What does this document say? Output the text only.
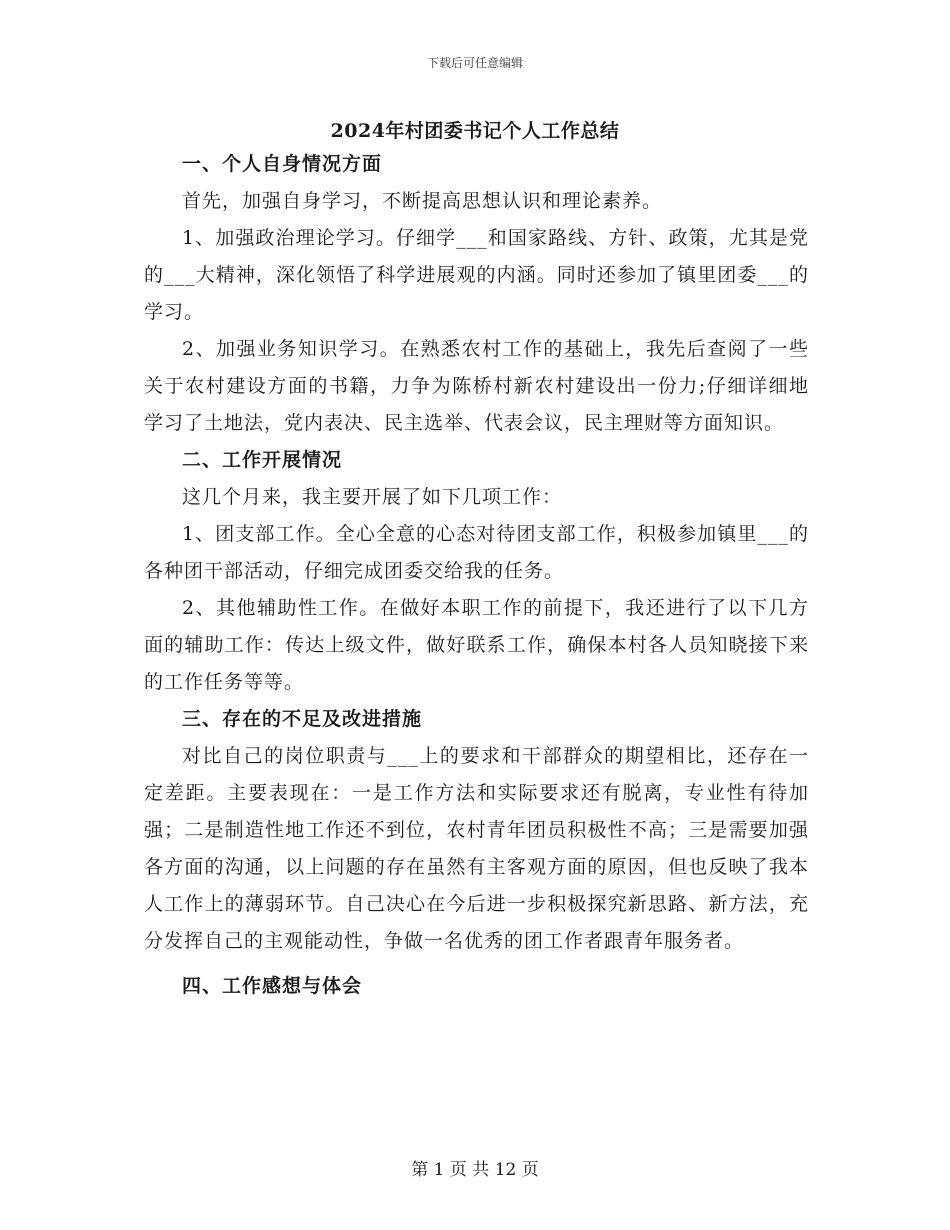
下载后可任意编辑
2024年村团委书记个人工作总结

一、个人自身情况方面

首先，加强自身学习，不断提高思想认识和理论素养。

1、加强政治理论学习。仔细学___和国家路线、方针、政策，尤其是党的___大精神，深化领悟了科学进展观的内涵。同时还参加了镇里团委___的学习。

2、加强业务知识学习。在熟悉农村工作的基础上，我先后查阅了一些关于农村建设方面的书籍，力争为陈桥村新农村建设出一份力;仔细详细地学习了土地法，党内表决、民主选举、代表会议，民主理财等方面知识。

二、工作开展情况

这几个月来，我主要开展了如下几项工作：

1、团支部工作。全心全意的心态对待团支部工作，积极参加镇里___的各种团干部活动，仔细完成团委交给我的任务。

2、其他辅助性工作。在做好本职工作的前提下，我还进行了以下几方面的辅助工作：传达上级文件，做好联系工作，确保本村各人员知晓接下来的工作任务等等。

三、存在的不足及改进措施

对比自己的岗位职责与___上的要求和干部群众的期望相比，还存在一定差距。主要表现在：一是工作方法和实际要求还有脱离，专业性有待加强；二是制造性地工作还不到位，农村青年团员积极性不高；三是需要加强各方面的沟通，以上问题的存在虽然有主客观方面的原因，但也反映了我本人工作上的薄弱环节。自己决心在今后进一步积极探究新思路、新方法，充分发挥自己的主观能动性，争做一名优秀的团工作者跟青年服务者。

四、工作感想与体会

第 1 页 共 12 页
